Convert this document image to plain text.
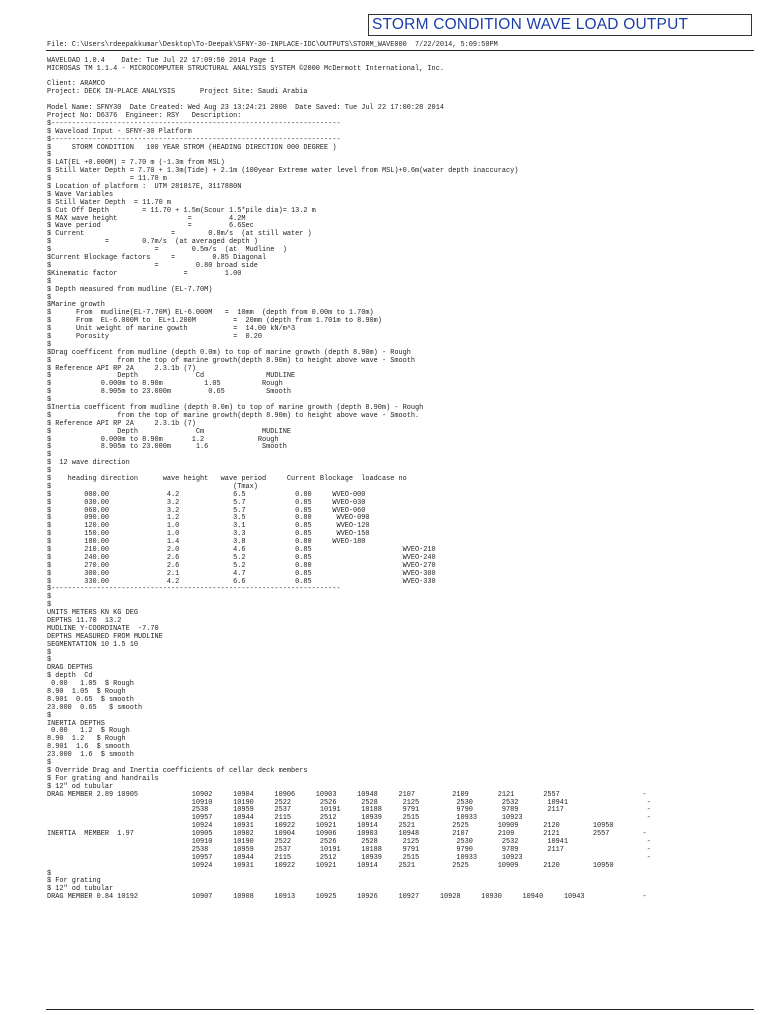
STORM CONDITION WAVE LOAD OUTPUT
File: C:\Users\rdeepakkumar\Desktop\To-Deepak\SFNY-30-INPLACE-IDC\OUTPUTS\STORM_WAVE000  7/22/2014, 5:09:50PM
WAVELOAD 1.0.4    Date: Tue Jul 22 17:09:50 2014 Page 1
MICROSAS TM 1.1.4 - MICROCOMPUTER STRUCTURAL ANALYSIS SYSTEM ©2000 McDermott International, Inc.
Client: ARAMCO
Project: DECK IN-PLACE ANALYSIS      Project Site: Saudi Arabia
Model Name: SFNY30  Date Created: Wed Aug 23 13:24:21 2000  Date Saved: Tue Jul 22 17:00:28 2014
Project No: D6376  Engineer: RSY   Description:
$----------------------------------------------------------------------
$ Waveload Input - SFNY-30 Platform
$----------------------------------------------------------------------
$     STORM CONDITION   100 YEAR STROM (HEADING DIRECTION 000 DEGREE )
$
$ LAT(EL +0.000M) = 7.70 m (-1.3m from MSL)
$ Still Water Depth = 7.70 + 1.3m(Tide) + 2.1m (100year Extreme water level from MSL)+0.6m(water depth inaccuracy)
$                   = 11.70 m
$ Location of platform :  UTM 281817E, 3117880N
$ Wave Variables
$ Still Water Depth  = 11.70 m
$ Cut Off Depth        = 11.70 + 1.5m(Scour 1.5*pile dia)= 13.2 m
$ MAX wave height                 =         4.2M
$ Wave period                     =         6.6Sec
$ Current                     =        0.8m/s  (at still water )
$             =        0.7m/s  (at averaged depth )
$                         =        0.5m/s  (at  Mudline  )
$Current Blockage factors     =         0.85 Diagonal
$                         =         0.80 broad side
$Kinematic factor                =         1.00
$
$ Depth measured from mudline (EL-7.70M)
$
$Marine growth
$      From  mudline(EL-7.70M) EL-6.000M   =  10mm  (depth from 0.00m to 1.70m)
$      From  EL-6.000M to  EL+1.200M         =  20mm (depth from 1.701m to 8.90m)
$      Unit weight of marine gowth           =  14.00 kN/m^3
$      Porosity                              =  0.20
$
$Drag coefficent from mudline (depth 0.0m) to top of marine growth (depth 8.90m) - Rough
$                from the top of marine growth(depth 8.90m) to height above wave - Smooth
$ Reference API RP 2A     2.3.1b (7)
$                Depth              Cd               MUDLINE
$            0.000m to 8.90m          1.05          Rough
$            8.905m to 23.000m         0.65          Smooth
$
$Inertia coefficent from mudline (depth 0.0m) to top of marine growth (depth 8.90m) - Rough
$                from the top of marine growth(depth 8.90m) to height above wave - Smooth.
$ Reference API RP 2A     2.3.1b (7)
$                Depth              Cm              MUDLINE
$            0.000m to 8.90m       1.2             Rough
$            8.905m to 23.000m      1.6             Smooth
$
$  12 wave direction
$
$    heading direction      wave height   wave period     Current Blockage  loadcase no
$                                            (Tmax)
$        000.00              4.2             6.5            0.80     WVEO-000
$        030.00              3.2             5.7            0.85     WVEO-030
$        060.00              3.2             5.7            0.85     WVEO-060
$        090.00              1.2             3.5            0.80      WVEO-090
$        120.00              1.0             3.1            0.85      WVEO-120
$        150.00              1.0             3.3            0.85      WVEO-150
$        180.00              1.4             3.8            0.80     WVEO-180
$        210.00              2.0             4.6            0.85                      WVEO-210
$        240.00              2.6             5.2            0.85                      WVEO-240
$        270.00              2.6             5.2            0.80                      WVEO-270
$        300.00              2.1             4.7            0.85                      WVEO-300
$        330.00              4.2             6.6            0.85                      WVEO-330
$----------------------------------------------------------------------
$
$
UNITS METERS KN KG DEG
DEPTHS 11.70  13.2
MUDLINE Y-COORDINATE  -7.70
DEPTHS MEASURED FROM MUDLINE
SEGMENTATION 10 1.5 10
$
$
DRAG DEPTHS
$ depth  Cd
0.00   1.05  $ Rough
8.90  1.05  $ Rough
8.901  0.65  $ smooth
23.000  0.65   $ smooth
$
INERTIA DEPTHS
0.00   1.2  $ Rough
8.90  1.2   $ Rough
8.901  1.6  $ smooth
23.000  1.6  $ smooth
$
$ Override Drag and Inertia coefficients of cellar deck members
$ For grating and handrails
$ 12" od tubular
DRAG MEMBER 2.89 10905             10902     10904     10906     10903     10948     2107         2109       2121       2557                    -
10910     10190     2522       2526      2528      2125         2530       2532       10941                   -
2538      10959     2537       10191     10188     9791         9790       9789       2117                    -
10957     10944     2115       2512      10939     2515         10933      10923                              -
10924     10931     10922     10921     10914     2521         2525       10909      2120        10950
INERTIA  MEMBER  1.97              10905     10902     10904     10906     10903     10948        2107       2109       2121        2557        -
10910     10190     2522       2526      2528      2125         2530       2532       10941                   -
2538      10959     2537       10191     10188     9791         9790       9789       2117                    -
10957     10944     2115       2512      10939     2515         10933      10923                              -
10924     10931     10922     10921     10914     2521         2525       10909      2120        10950
$
$ For grating
$ 12" od tubular
DRAG MEMBER 0.84 10192             10907     10908     10913     10925     10926     10927     10928     10930     10940     10943              -
